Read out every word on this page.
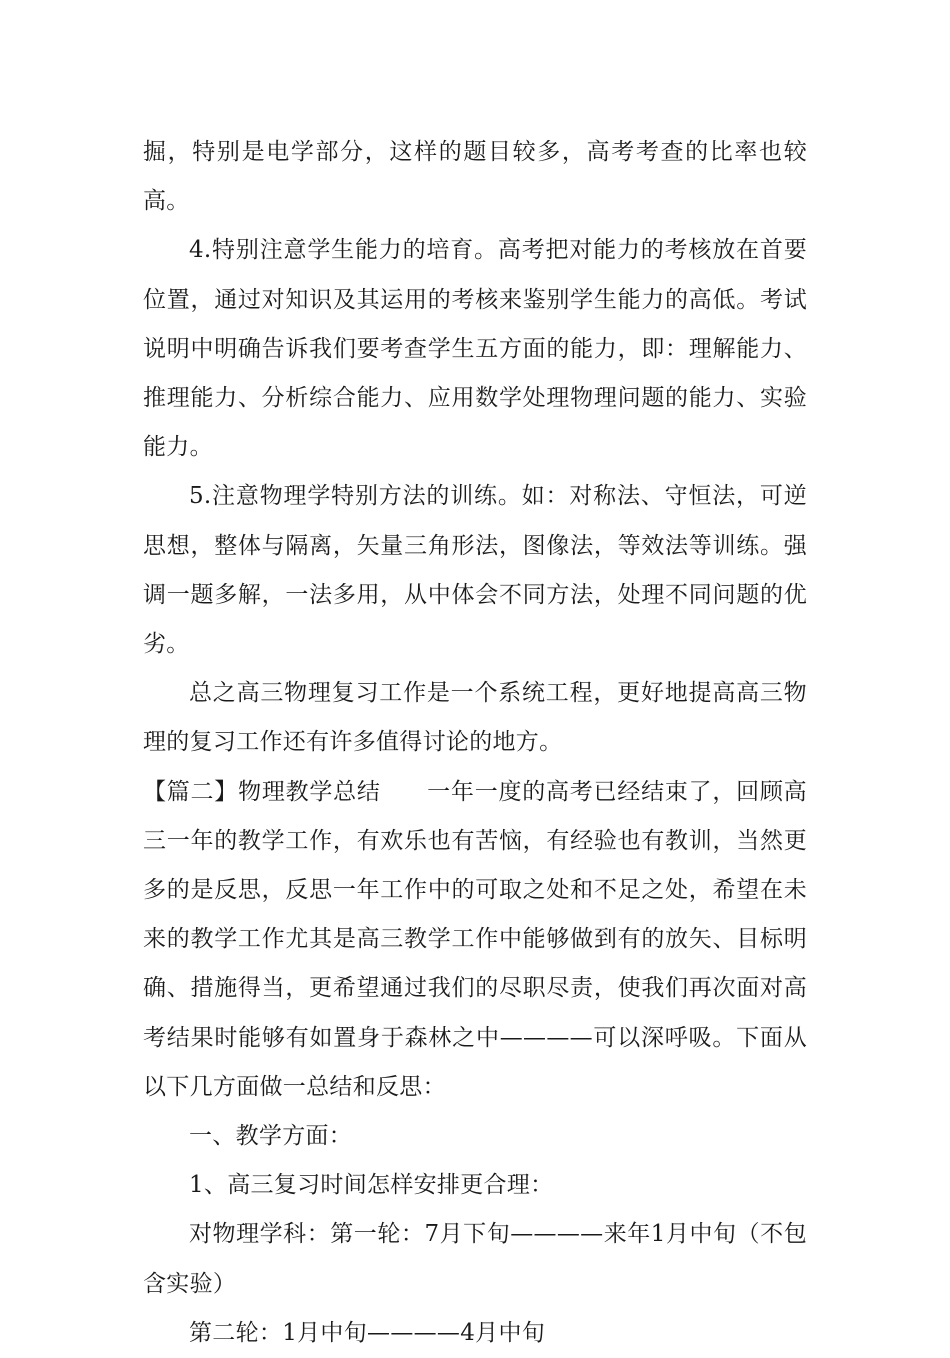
掘，特别是电学部分，这样的题目较多，高考考查的比率也较高。

4.特别注意学生能力的培育。高考把对能力的考核放在首要位置，通过对知识及其运用的考核来鉴别学生能力的高低。考试说明中明确告诉我们要考查学生五方面的能力，即：理解能力、推理能力、分析综合能力、应用数学处理物理问题的能力、实验能力。

5.注意物理学特别方法的训练。如：对称法、守恒法，可逆思想，整体与隔离，矢量三角形法，图像法，等效法等训练。强调一题多解，一法多用，从中体会不同方法，处理不同问题的优劣。

总之高三物理复习工作是一个系统工程，更好地提高高三物理的复习工作还有许多值得讨论的地方。

【篇二】物理教学总结 一年一度的高考已经结束了，回顾高三一年的教学工作，有欢乐也有苦恼，有经验也有教训，当然更多的是反思，反思一年工作中的可取之处和不足之处，希望在未来的教学工作尤其是高三教学工作中能够做到有的放矢、目标明确、措施得当，更希望通过我们的尽职尽责，使我们再次面对高考结果时能够有如置身于森林之中————可以深呼吸。下面从以下几方面做一总结和反思：

一、教学方面：

1、高三复习时间怎样安排更合理：

对物理学科：第一轮：7月下旬————来年1月中旬（不包含实验）

第二轮：1月中旬————4月中旬
